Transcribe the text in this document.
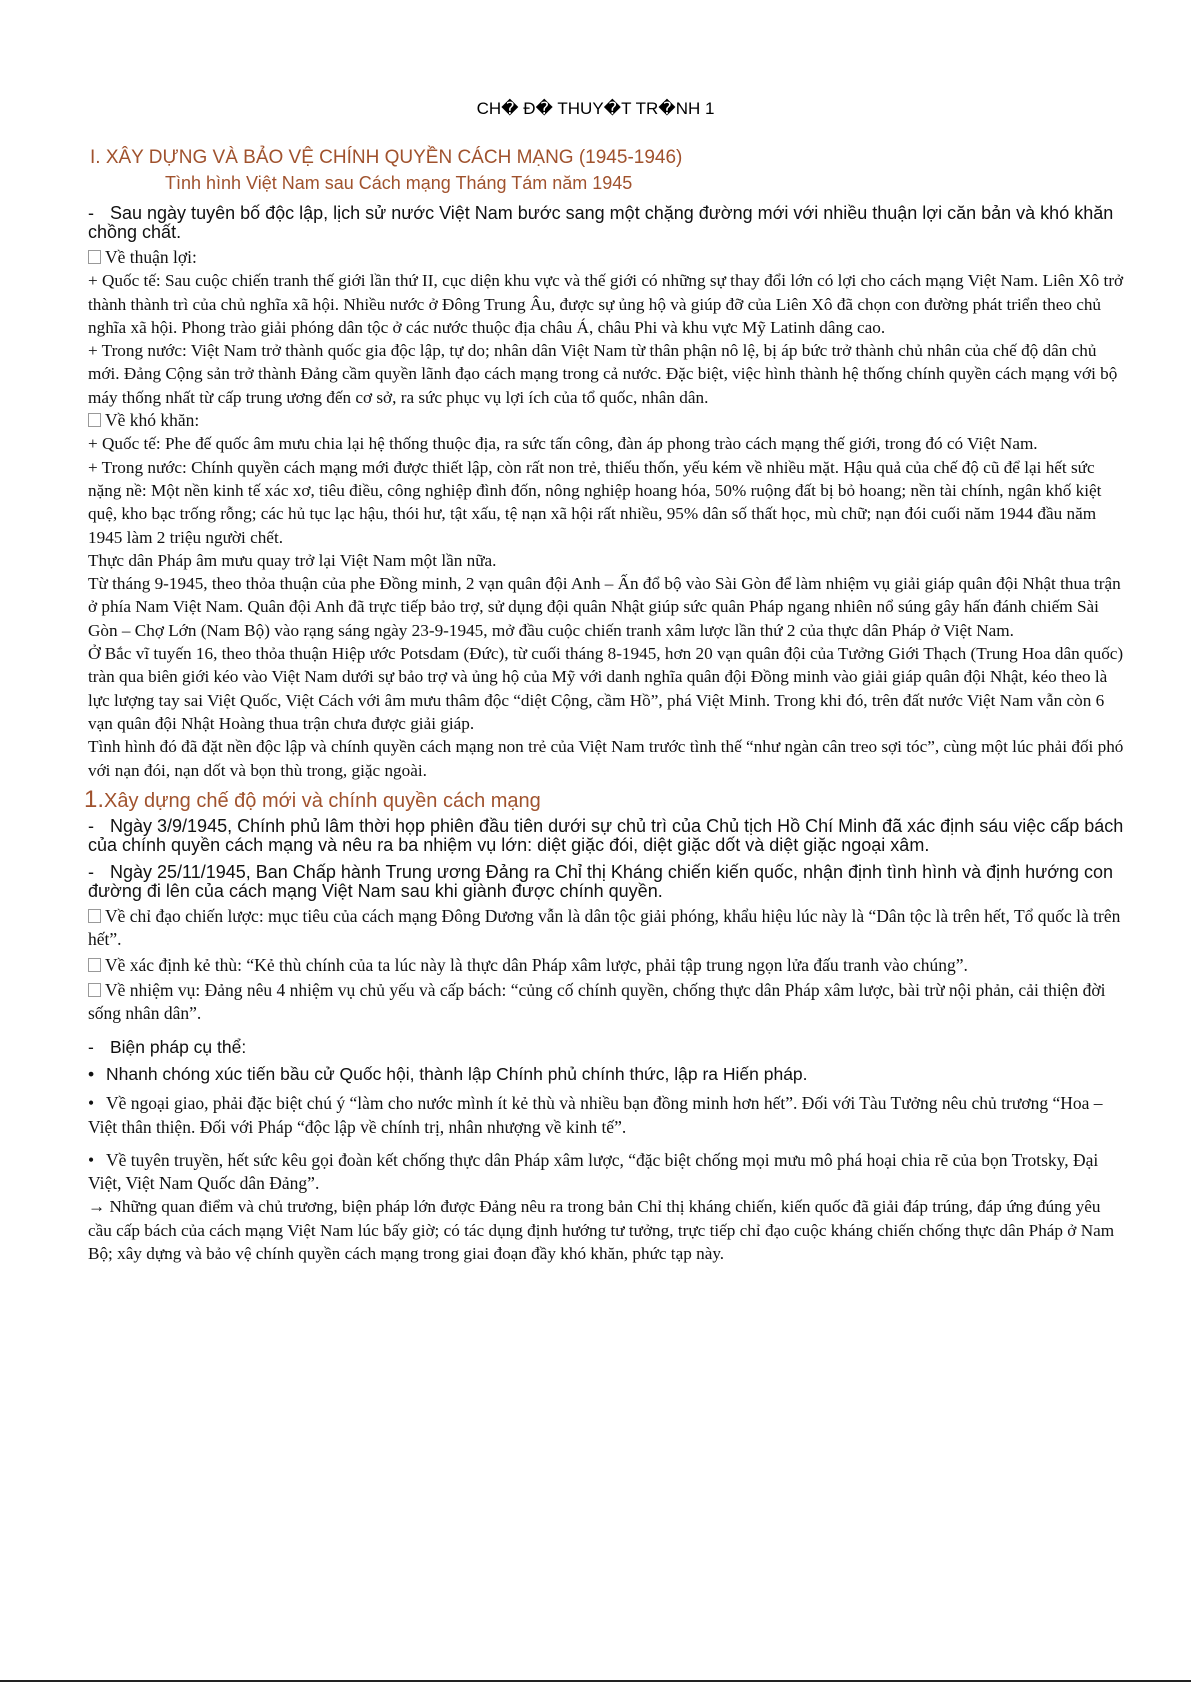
CH� Đ� THUY�T TR�NH 1
I. XÂY DỰNG VÀ BẢO VỆ CHÍNH QUYỀN CÁCH MẠNG (1945-1946)
Tình hình Việt Nam sau Cách mạng Tháng Tám năm 1945

- Sau ngày tuyên bố độc lập, lịch sử nước Việt Nam bước sang một chặng đường mới với nhiều thuận lợi căn bản và khó khăn chồng chất.

Về thuận lợi:

+ Quốc tế: Sau cuộc chiến tranh thế giới lần thứ II, cục diện khu vực và thế giới có những sự thay đổi lớn có lợi cho cách mạng Việt Nam. Liên Xô trở thành thành trì của chủ nghĩa xã hội. Nhiều nước ở Đông Trung Âu, được sự ủng hộ và giúp đỡ của Liên Xô đã chọn con đường phát triển theo chủ nghĩa xã hội. Phong trào giải phóng dân tộc ở các nước thuộc địa châu Á, châu Phi và khu vực Mỹ Latinh dâng cao.

+ Trong nước: Việt Nam trở thành quốc gia độc lập, tự do; nhân dân Việt Nam từ thân phận nô lệ, bị áp bức trở thành chủ nhân của chế độ dân chủ mới. Đảng Cộng sản trở thành Đảng cầm quyền lãnh đạo cách mạng trong cả nước. Đặc biệt, việc hình thành hệ thống chính quyền cách mạng với bộ máy thống nhất từ cấp trung ương đến cơ sở, ra sức phục vụ lợi ích của tổ quốc, nhân dân.

Về khó khăn:

+ Quốc tế: Phe đế quốc âm mưu chia lại hệ thống thuộc địa, ra sức tấn công, đàn áp phong trào cách mạng thế giới, trong đó có Việt Nam.

+ Trong nước: Chính quyền cách mạng mới được thiết lập, còn rất non trẻ, thiếu thốn, yếu kém về nhiều mặt. Hậu quả của chế độ cũ để lại hết sức nặng nề: Một nền kinh tế xác xơ, tiêu điều, công nghiệp đình đốn, nông nghiệp hoang hóa, 50% ruộng đất bị bỏ hoang; nền tài chính, ngân khố kiệt quệ, kho bạc trống rỗng; các hủ tục lạc hậu, thói hư, tật xấu, tệ nạn xã hội rất nhiều, 95% dân số thất học, mù chữ; nạn đói cuối năm 1944 đầu năm 1945 làm 2 triệu người chết.

Thực dân Pháp âm mưu quay trở lại Việt Nam một lần nữa.

Từ tháng 9-1945, theo thỏa thuận của phe Đồng minh, 2 vạn quân đội Anh – Ấn đổ bộ vào Sài Gòn để làm nhiệm vụ giải giáp quân đội Nhật thua trận ở phía Nam Việt Nam. Quân đội Anh đã trực tiếp bảo trợ, sử dụng đội quân Nhật giúp sức quân Pháp ngang nhiên nổ súng gây hấn đánh chiếm Sài Gòn – Chợ Lớn (Nam Bộ) vào rạng sáng ngày 23-9-1945, mở đầu cuộc chiến tranh xâm lược lần thứ 2 của thực dân Pháp ở Việt Nam.

Ở Bắc vĩ tuyến 16, theo thỏa thuận Hiệp ước Potsdam (Đức), từ cuối tháng 8-1945, hơn 20 vạn quân đội của Tưởng Giới Thạch (Trung Hoa dân quốc) tràn qua biên giới kéo vào Việt Nam dưới sự bảo trợ và ủng hộ của Mỹ với danh nghĩa quân đội Đồng minh vào giải giáp quân đội Nhật, kéo theo là lực lượng tay sai Việt Quốc, Việt Cách với âm mưu thâm độc “diệt Cộng, cầm Hồ”, phá Việt Minh. Trong khi đó, trên đất nước Việt Nam vẫn còn 6 vạn quân đội Nhật Hoàng thua trận chưa được giải giáp.

Tình hình đó đã đặt nền độc lập và chính quyền cách mạng non trẻ của Việt Nam trước tình thế “như ngàn cân treo sợi tóc”, cùng một lúc phải đối phó với nạn đói, nạn dốt và bọn thù trong, giặc ngoài.

1.Xây dựng chế độ mới và chính quyền cách mạng

- Ngày 3/9/1945, Chính phủ lâm thời họp phiên đầu tiên dưới sự chủ trì của Chủ tịch Hồ Chí Minh đã xác định sáu việc cấp bách của chính quyền cách mạng và nêu ra ba nhiệm vụ lớn: diệt giặc đói, diệt giặc dốt và diệt giặc ngoại xâm.

- Ngày 25/11/1945, Ban Chấp hành Trung ương Đảng ra Chỉ thị Kháng chiến kiến quốc, nhận định tình hình và định hướng con đường đi lên của cách mạng Việt Nam sau khi giành được chính quyền.

Về chỉ đạo chiến lược: mục tiêu của cách mạng Đông Dương vẫn là dân tộc giải phóng, khẩu hiệu lúc này là “Dân tộc là trên hết, Tổ quốc là trên hết”.

Về xác định kẻ thù: “Kẻ thù chính của ta lúc này là thực dân Pháp xâm lược, phải tập trung ngọn lửa đấu tranh vào chúng”.

Về nhiệm vụ: Đảng nêu 4 nhiệm vụ chủ yếu và cấp bách: “củng cố chính quyền, chống thực dân Pháp xâm lược, bài trừ nội phản, cải thiện đời sống nhân dân”.

- Biện pháp cụ thể:

• Nhanh chóng xúc tiến bầu cử Quốc hội, thành lập Chính phủ chính thức, lập ra Hiến pháp.

• Về ngoại giao, phải đặc biệt chú ý “làm cho nước mình ít kẻ thù và nhiều bạn đồng minh hơn hết”. Đối với Tàu Tưởng nêu chủ trương “Hoa – Việt thân thiện. Đối với Pháp “độc lập về chính trị, nhân nhượng về kinh tế”.

• Về tuyên truyền, hết sức kêu gọi đoàn kết chống thực dân Pháp xâm lược, “đặc biệt chống mọi mưu mô phá hoại chia rẽ của bọn Trotsky, Đại Việt, Việt Nam Quốc dân Đảng”.

→ Những quan điểm và chủ trương, biện pháp lớn được Đảng nêu ra trong bản Chỉ thị kháng chiến, kiến quốc đã giải đáp trúng, đáp ứng đúng yêu cầu cấp bách của cách mạng Việt Nam lúc bấy giờ; có tác dụng định hướng tư tưởng, trực tiếp chỉ đạo cuộc kháng chiến chống thực dân Pháp ở Nam Bộ; xây dựng và bảo vệ chính quyền cách mạng trong giai đoạn đầy khó khăn, phức tạp này.
